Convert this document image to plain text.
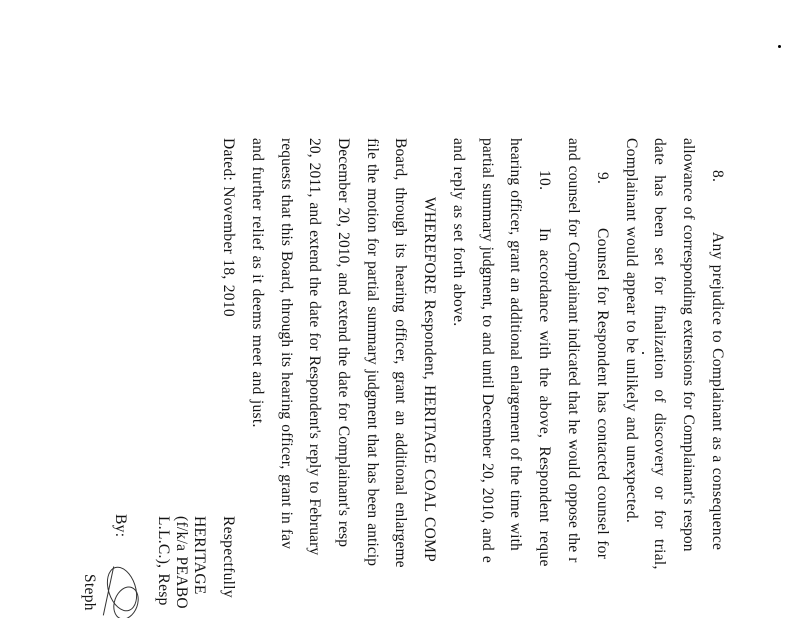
8.
Any prejudice to Complainant as a consequence
allowance of corresponding extensions for Complainant's respon
date has been set for finalization of discovery or for trial,
Complainant would appear to be unlikely and unexpected.
9.
Counsel for Respondent has contacted counsel for
and counsel for Complainant indicated that he would oppose the r
10.
In accordance with the above, Respondent reque
hearing officer, grant an additional enlargement of the time with
partial summary judgment, to and until December 20, 2010, and e
and reply as set forth above.
WHEREFORE Respondent, HERITAGE COAL COMP
Board, through its hearing officer, grant an additional enlargeme
file the motion for partial summary judgment that has been anticip
December 20, 2010, and extend the date for Complainant's resp
20, 2011, and extend the date for Respondent's reply to February
requests that this Board, through its hearing officer, grant in fav
and further relief as it deems meet and just.
Dated: November 18, 2010
Respectfully
HERITAGE
(f/k/a PEABO
L.L.C.), Resp
By:
Steph
